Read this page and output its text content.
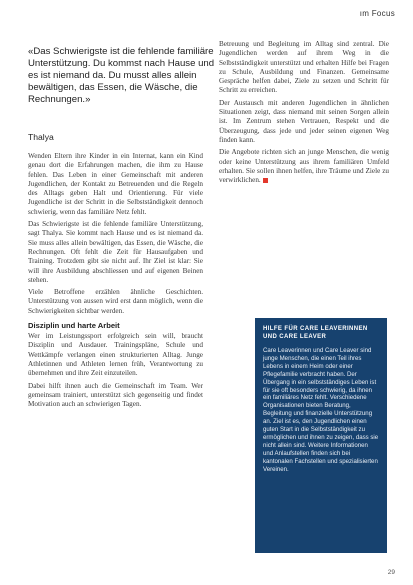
ım Focus
«Das Schwierigste ist die fehlende familiäre Unterstützung. Du kommst nach Hause und es ist niemand da. Du musst alles allein bewältigen, das Essen, die Wäsche, die Rechnungen.»
Thalya

Wenden Eltern ihre Kinder in ein Internat, kann ein Kind genau dort die Erfahrungen machen, die ihm zu Hause fehlen. Das Leben in einer Gemeinschaft mit anderen Jugendlichen, der Kontakt zu Betreuenden und die Regeln des Alltags geben Halt und Orientierung. Für viele Jugendliche ist der Schritt in die Selbstständigkeit dennoch schwierig, wenn das familiäre Netz fehlt.

Das Schwierigste ist die fehlende familiäre Unterstützung, sagt Thalya. Sie kommt nach Hause und es ist niemand da. Sie muss alles allein bewältigen, das Essen, die Wäsche, die Rechnungen. Oft fehlt die Zeit für Hausaufgaben und Training. Trotzdem gibt sie nicht auf. Ihr Ziel ist klar: Sie will ihre Ausbildung abschliessen und auf eigenen Beinen stehen.

Viele Betroffene erzählen ähnliche Geschichten. Unterstützung von aussen wird erst dann möglich, wenn die Schwierigkeiten sichtbar werden.

Disziplin und harte Arbeit

Wer im Leistungssport erfolgreich sein will, braucht Disziplin und Ausdauer. Trainingspläne, Schule und Wettkämpfe verlangen einen strukturierten Alltag. Junge Athletinnen und Athleten lernen früh, Verantwortung zu übernehmen und ihre Zeit einzuteilen.

Dabei hilft ihnen auch die Gemeinschaft im Team. Wer gemeinsam trainiert, unterstützt sich gegenseitig und findet Motivation auch an schwierigen Tagen.

Betreuung und Begleitung im Alltag sind zentral. Die Jugendlichen werden auf ihrem Weg in die Selbstständigkeit unterstützt und erhalten Hilfe bei Fragen zu Schule, Ausbildung und Finanzen. Gemeinsame Gespräche helfen dabei, Ziele zu setzen und Schritt für Schritt zu erreichen.

Der Austausch mit anderen Jugendlichen in ähnlichen Situationen zeigt, dass niemand mit seinen Sorgen allein ist. Im Zentrum stehen Vertrauen, Respekt und die Überzeugung, dass jede und jeder seinen eigenen Weg finden kann.

Die Angebote richten sich an junge Menschen, die wenig oder keine Unterstützung aus ihrem familiären Umfeld erhalten. Sie sollen ihnen helfen, ihre Träume und Ziele zu verwirklichen.

HILFE FÜR CARE LEAVERINNEN UND CARE LEAVER

Care Leaverinnen und Care Leaver sind junge Menschen, die einen Teil ihres Lebens in einem Heim oder einer Pflegefamilie verbracht haben. Der Übergang in ein selbstständiges Leben ist für sie oft besonders schwierig, da ihnen ein familiäres Netz fehlt. Verschiedene Organisationen bieten Beratung, Begleitung und finanzielle Unterstützung an. Ziel ist es, den Jugendlichen einen guten Start in die Selbstständigkeit zu ermöglichen und ihnen zu zeigen, dass sie nicht allein sind. Weitere Informationen und Anlaufstellen finden sich bei kantonalen Fachstellen und spezialisierten Vereinen.

29
